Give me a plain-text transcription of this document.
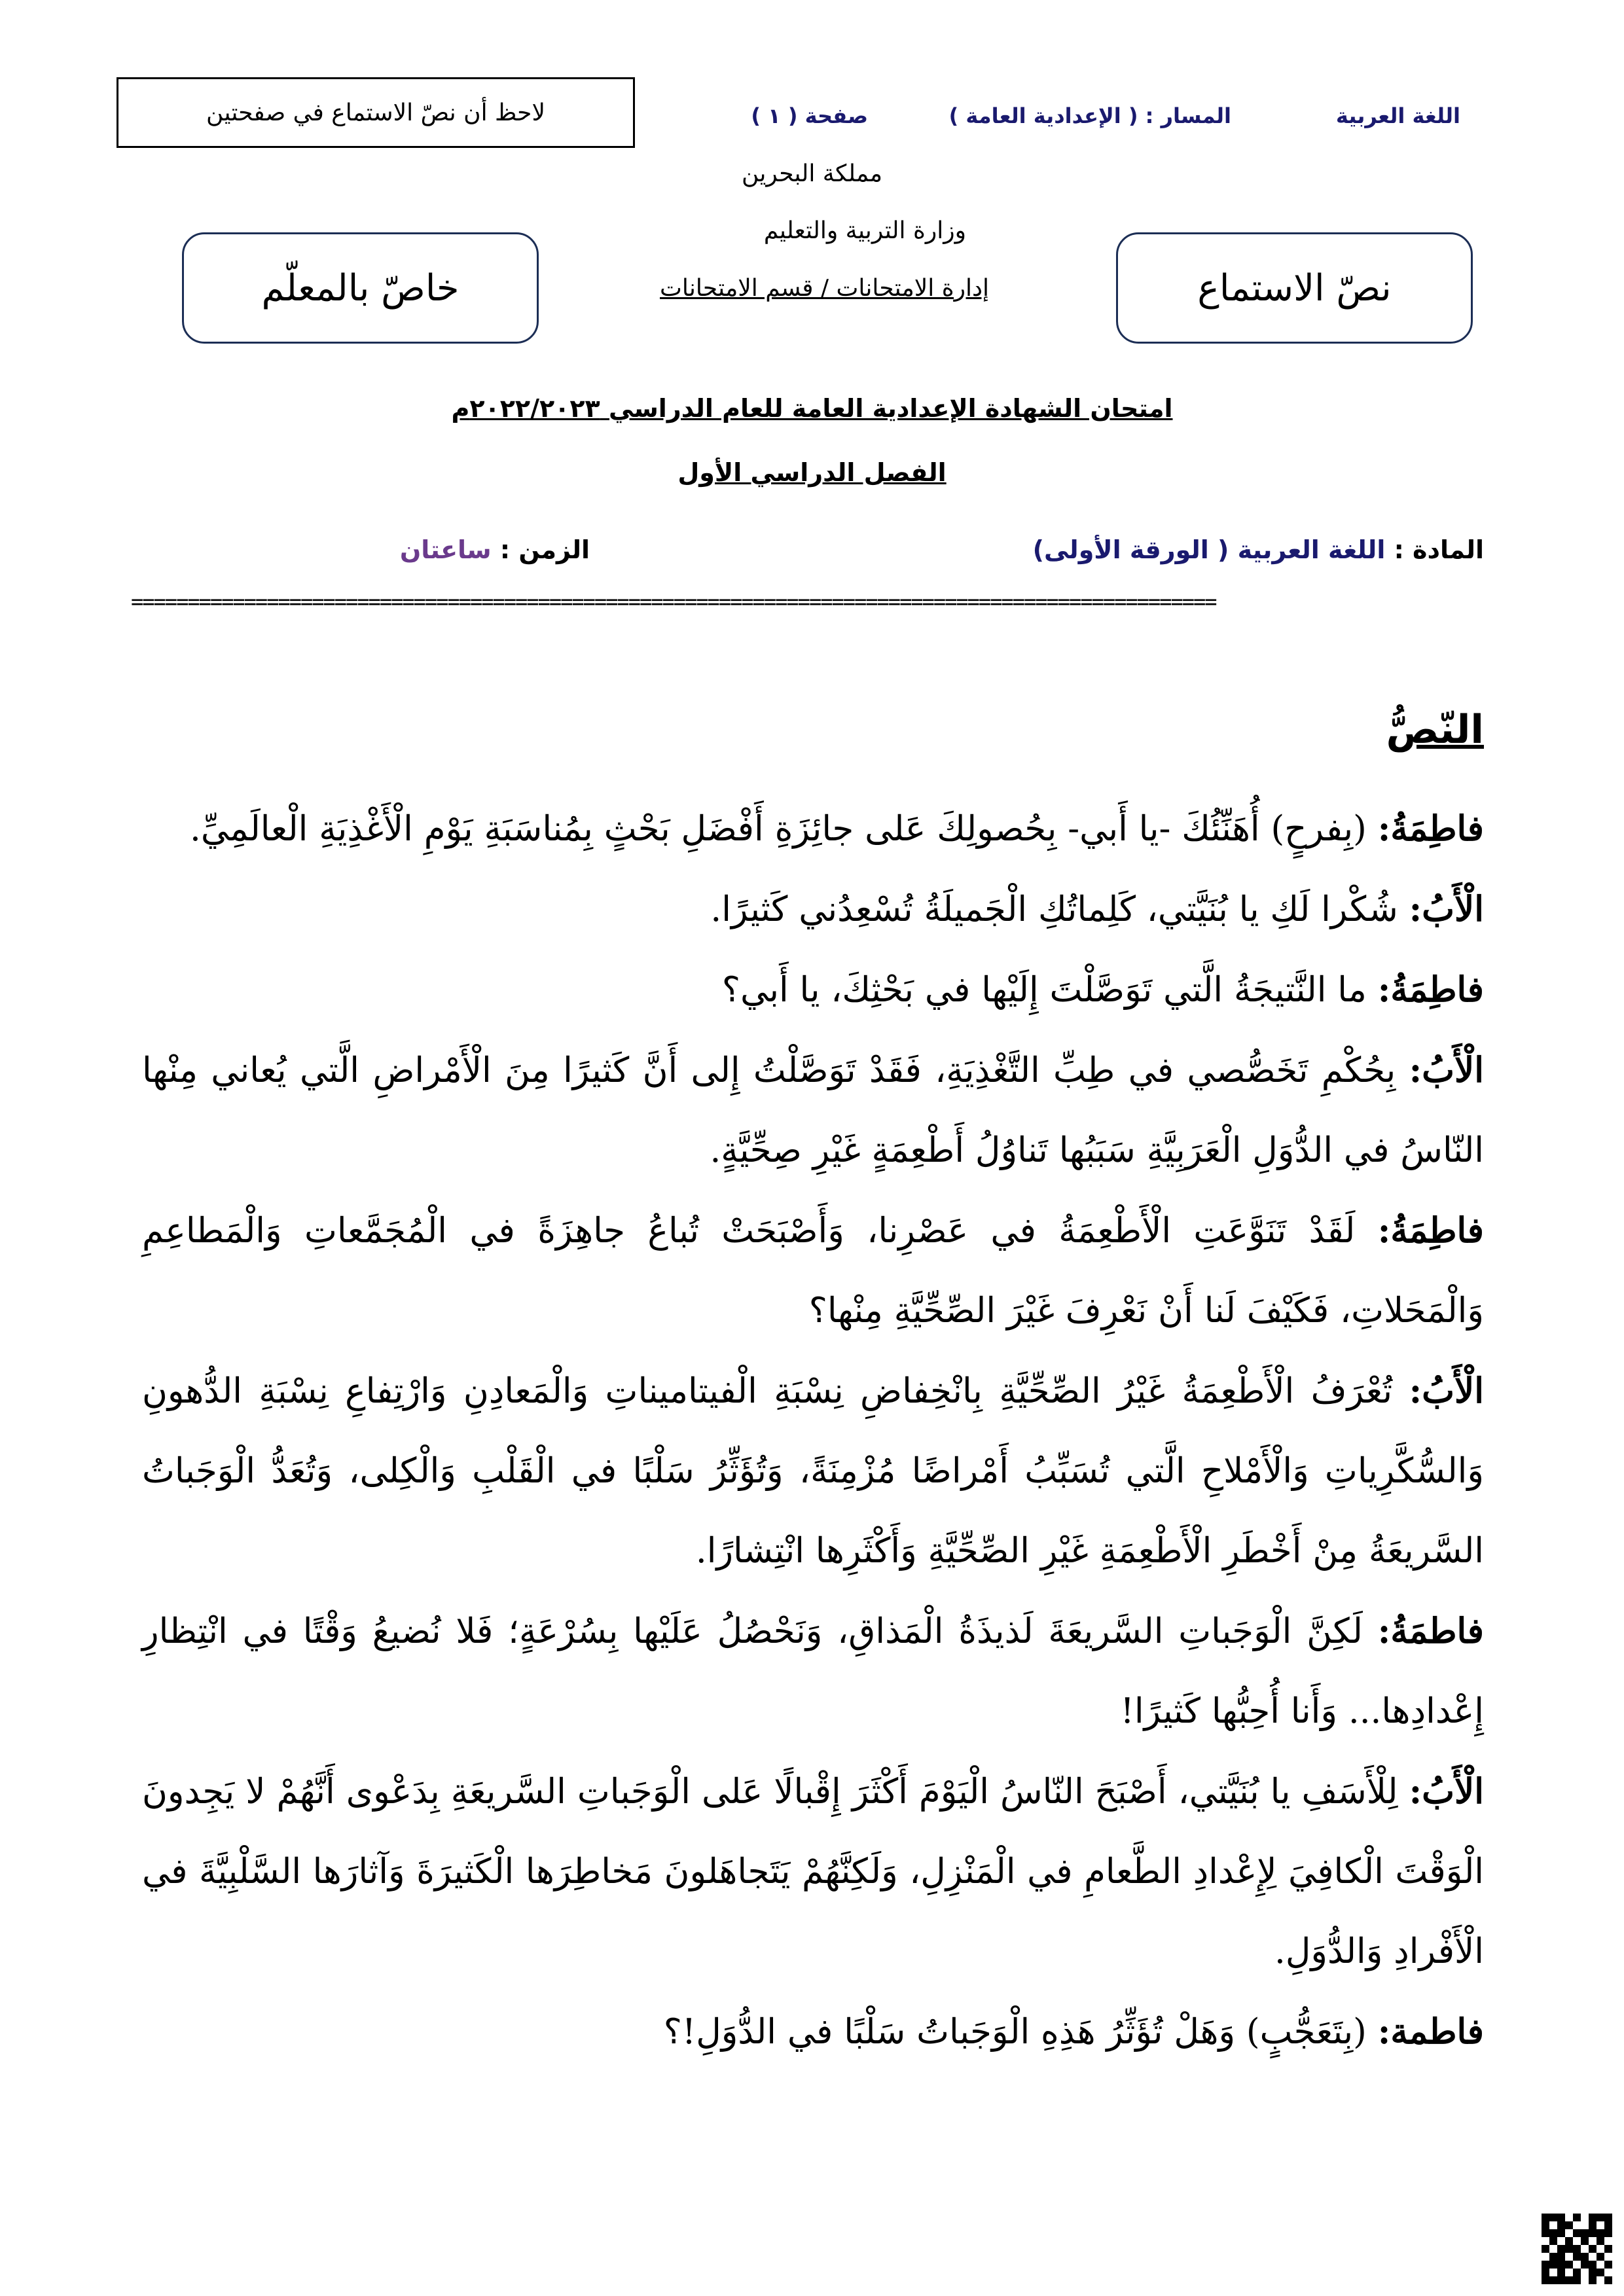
اللغة العربية
المسار : ( الإعدادية العامة )
صفحة ( ١ )
لاحظ أن نصّ الاستماع في صفحتين
مملكة البحرين
وزارة التربية والتعليم
إدارة الامتحانات / قسم الامتحانات	نصّ الاستماع
خاصّ بالمعلّم
امتحان الشهادة الإعدادية العامة للعام الدراسي ٢٠٢٢/٢٠٢٣م
الفصل الدراسي الأول
المادة : اللغة العربية ( الورقة الأولى)
الزمن : ساعتان
================================================================================================
النّصُّ

فاطِمَةُ: (بِفرحٍ) أُهَنِّئُكَ -يا أَبي- بِحُصولِكَ عَلى جائِزَةِ أَفْضَلِ بَحْثٍ بِمُناسَبَةِ يَوْمِ الْأَغْذِيَةِ الْعالَمِيِّ.

الْأَبُ: شُكْرا لَكِ يا بُنَيَّتي، كَلِماتُكِ الْجَميلَةُ تُسْعِدُني كَثيرًا.

فاطِمَةُ: ما النَّتيجَةُ الَّتي تَوَصَّلْتَ إِلَيْها في بَحْثِكَ، يا أَبي؟

الْأَبُ: بِحُكْمِ تَخَصُّصي في طِبِّ التَّغْذِيَةِ، فَقَدْ تَوَصَّلْتُ إِلى أَنَّ كَثيرًا مِنَ الْأَمْراضِ الَّتي يُعاني مِنْها النّاسُ في الدُّوَلِ الْعَرَبِيَّةِ سَبَبُها تَناوُلُ أَطْعِمَةٍ غَيْرِ صِحِّيَّةٍ.

فاطِمَةُ: لَقَدْ تَنَوَّعَتِ الْأَطْعِمَةُ في عَصْرِنا، وَأَصْبَحَتْ تُباعُ جاهِزَةً في الْمُجَمَّعاتِ وَالْمَطاعِمِ وَالْمَحَلاتِ، فَكَيْفَ لَنا أَنْ نَعْرِفَ غَيْرَ الصِّحِّيَّةِ مِنْها؟

الْأَبُ: تُعْرَفُ الْأَطْعِمَةُ غَيْرُ الصِّحِّيَّةِ بِانْخِفاضِ نِسْبَةِ الْفيتاميناتِ وَالْمَعادِنِ وَارْتِفاعِ نِسْبَةِ الدُّهونِ وَالسُّكَّرِياتِ وَالْأَمْلاحِ الَّتي تُسَبِّبُ أَمْراضًا مُزْمِنَةً، وَتُؤَثِّرُ سَلْبًا في الْقَلْبِ وَالْكِلى، وَتُعَدُّ الْوَجَباتُ السَّريعَةُ مِنْ أَخْطَرِ الْأَطْعِمَةِ غَيْرِ الصِّحِّيَّةِ وَأَكْثَرِها انْتِشارًا.

فاطمَةُ: لَكِنَّ الْوَجَباتِ السَّريعَةَ لَذيذَةُ الْمَذاقِ، وَنَحْصُلُ عَلَيْها بِسُرْعَةٍ؛ فَلا نُضيعُ وَقْتًا في انْتِظارِ إِعْدادِها... وَأَنا أُحِبُّها كَثيرًا!

الْأَبُ: لِلْأَسَفِ يا بُنَيَّتي، أَصْبَحَ النّاسُ الْيَوْمَ أَكْثَرَ إِقْبالًا عَلى الْوَجَباتِ السَّريعَةِ بِدَعْوى أَنَّهُمْ لا يَجِدونَ الْوَقْتَ الْكافِيَ لِإِعْدادِ الطَّعامِ في الْمَنْزِلِ، وَلَكِنَّهُمْ يَتَجاهَلونَ مَخاطِرَها الْكَثيرَةَ وَآثارَها السَّلْبِيَّةَ في الْأَفْرادِ وَالدُّوَلِ.

فاطمة: (بِتَعَجُّبٍ) وَهَلْ تُؤَثِّرُ هَذِهِ الْوَجَباتُ سَلْبًا في الدُّوَلِ!؟
